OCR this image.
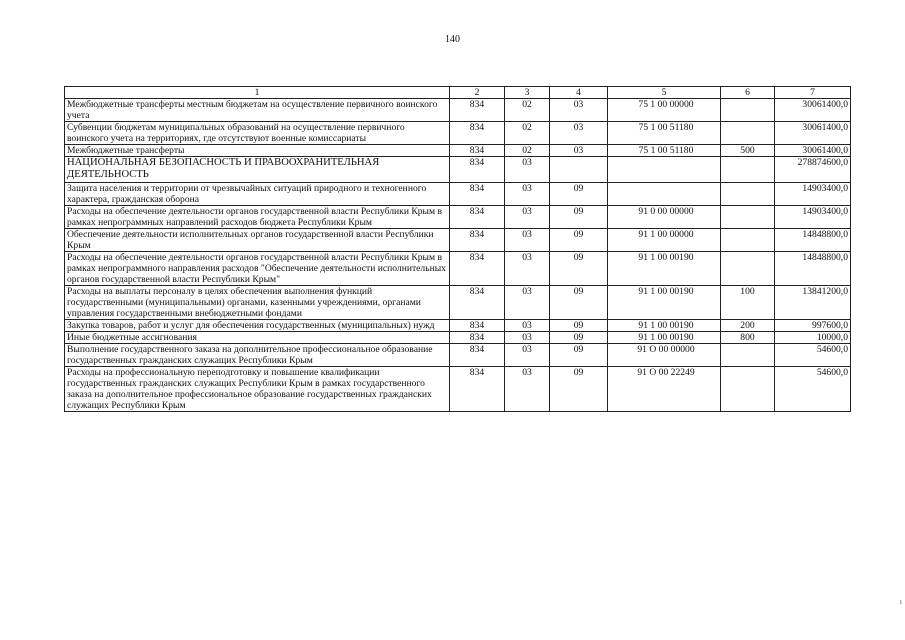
140
1	2	3	4	5	6	7
Межбюджетные трансферты местным бюджетам на осуществление первичного воинского учета	834	02	03	75 1 00 00000		30061400,0
Субвенции бюджетам муниципальных образований на осуществление первичного воинского учета на территориях, где отсутствуют военные комиссариаты	834	02	03	75 1 00 51180		30061400,0
Межбюджетные трансферты	834	02	03	75 1 00 51180	500	30061400,0
НАЦИОНАЛЬНАЯ БЕЗОПАСНОСТЬ И ПРАВООХРАНИТЕЛЬНАЯ ДЕЯТЕЛЬНОСТЬ	834	03				278874600,0
Защита населения и территории от чрезвычайных ситуаций природного и техногенного характера, гражданская оборона	834	03	09			14903400,0
Расходы на обеспечение деятельности органов государственной власти Республики Крым в рамках непрограммных направлений расходов бюджета Республики Крым	834	03	09	91 0 00 00000		14903400,0
Обеспечение деятельности исполнительных органов государственной власти Республики Крым	834	03	09	91 1 00 00000		14848800,0
Расходы на обеспечение деятельности органов государственной власти Республики Крым в рамках непрограммного направления расходов "Обеспечение деятельности исполнительных органов государственной власти Республики Крым"	834	03	09	91 1 00 00190		14848800,0
Расходы на выплаты персоналу в целях обеспечения выполнения функций государственными (муниципальными) органами, казенными учреждениями, органами управления государственными внебюджетными фондами	834	03	09	91 1 00 00190	100	13841200,0
Закупка товаров, работ и услуг для обеспечения государственных (муниципальных) нужд	834	03	09	91 1 00 00190	200	997600,0
Иные бюджетные ассигнования	834	03	09	91 1 00 00190	800	10000,0
Выполнение государственного заказа на дополнительное профессиональное образование государственных гражданских служащих Республики Крым	834	03	09	91 О 00 00000		54600,0
Расходы на профессиональную переподготовку и повышение квалификации государственных гражданских служащих Республики Крым в рамках государственного заказа на дополнительное профессиональное образование государственных гражданских служащих Республики Крым	834	03	09	91 О 00 22249		54600,0
ı
